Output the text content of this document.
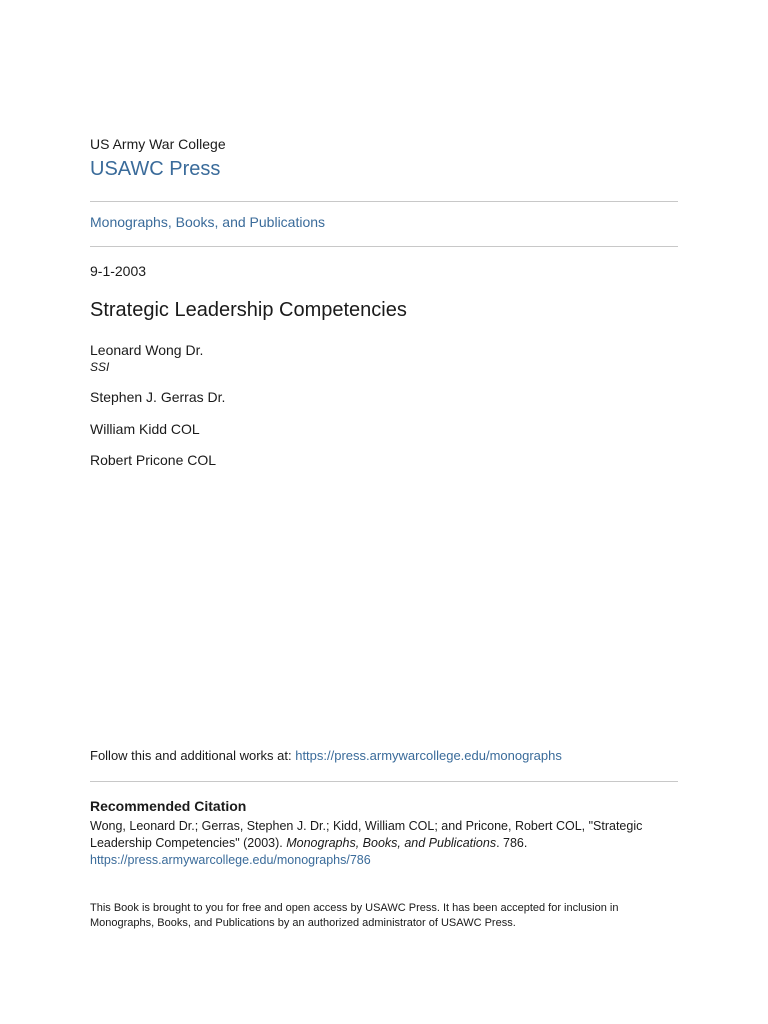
US Army War College
USAWC Press
Monographs, Books, and Publications
9-1-2003
Strategic Leadership Competencies
Leonard Wong Dr.
SSI
Stephen J. Gerras Dr.
William Kidd COL
Robert Pricone COL
Follow this and additional works at: https://press.armywarcollege.edu/monographs
Recommended Citation
Wong, Leonard Dr.; Gerras, Stephen J. Dr.; Kidd, William COL; and Pricone, Robert COL, "Strategic Leadership Competencies" (2003). Monographs, Books, and Publications. 786.
https://press.armywarcollege.edu/monographs/786
This Book is brought to you for free and open access by USAWC Press. It has been accepted for inclusion in Monographs, Books, and Publications by an authorized administrator of USAWC Press.
